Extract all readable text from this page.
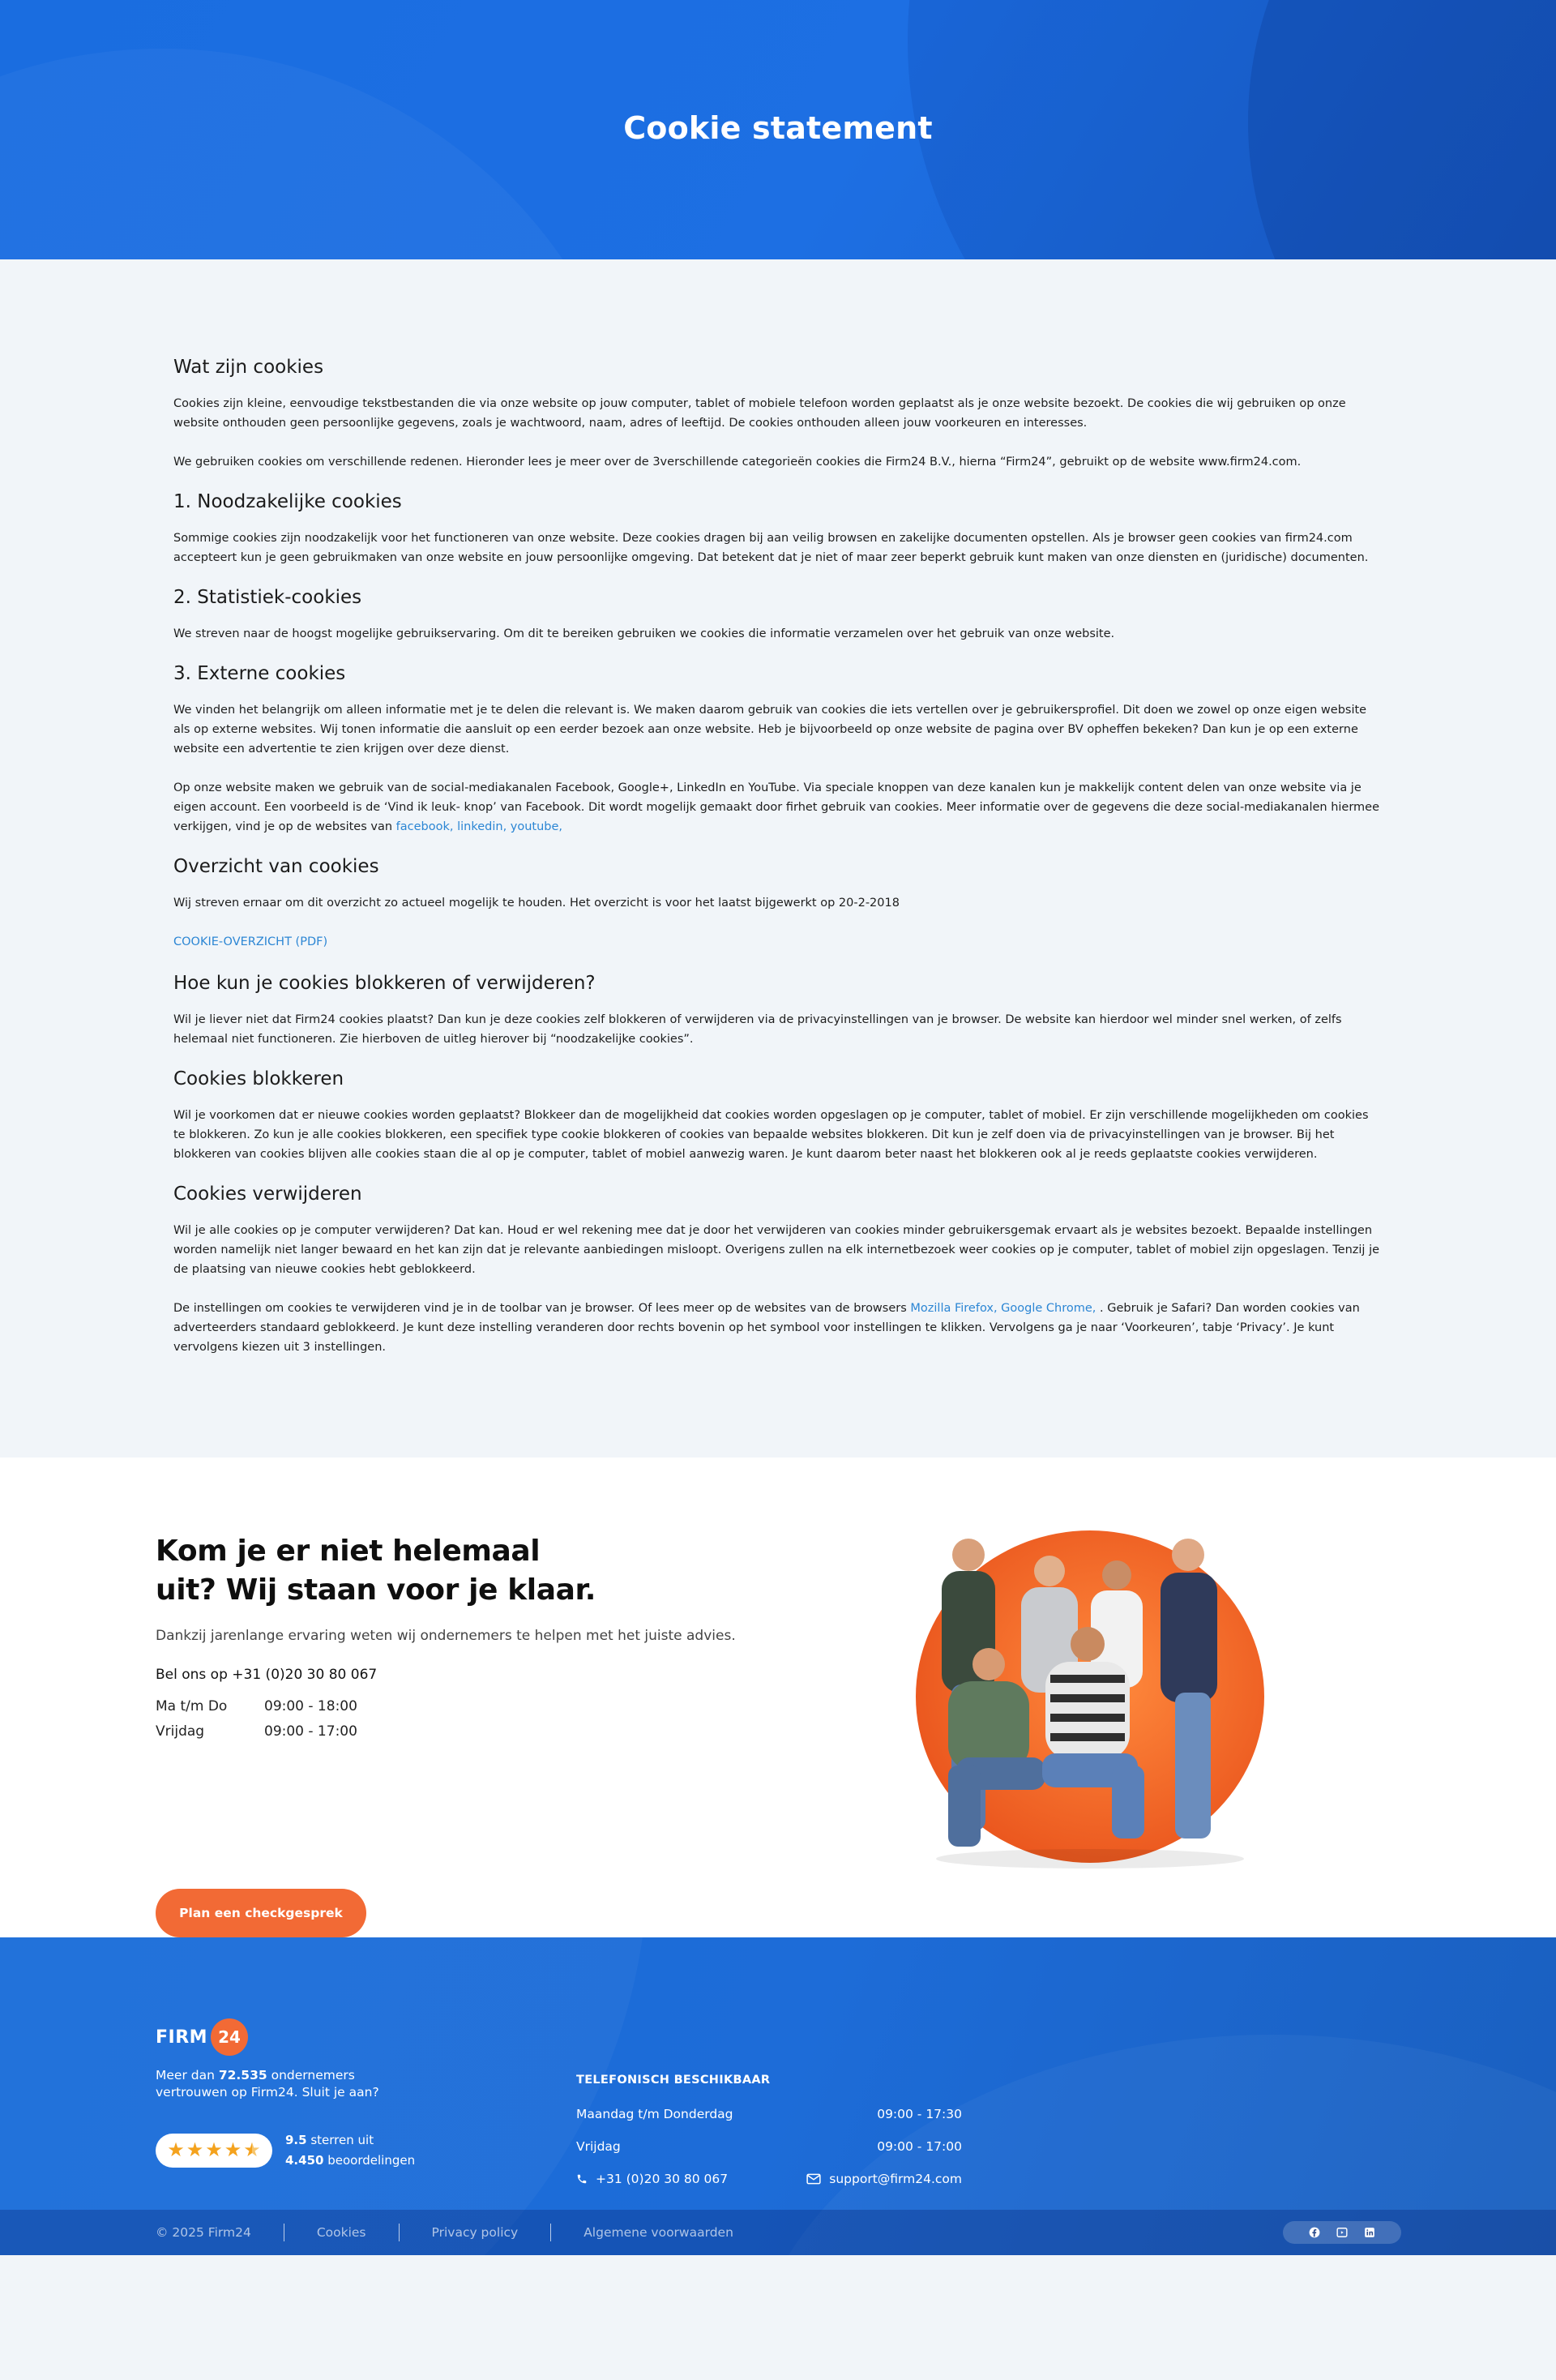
Cookie statement
Wat zijn cookies

Cookies zijn kleine, eenvoudige tekstbestanden die via onze website op jouw computer, tablet of mobiele telefoon worden geplaatst als je onze website bezoekt. De cookies die wij gebruiken op onze website onthouden geen persoonlijke gegevens, zoals je wachtwoord, naam, adres of leeftijd. De cookies onthouden alleen jouw voorkeuren en interesses.

We gebruiken cookies om verschillende redenen. Hieronder lees je meer over de 3verschillende categorieën cookies die Firm24 B.V., hierna “Firm24”, gebruikt op de website www.firm24.com.

1. Noodzakelijke cookies

Sommige cookies zijn noodzakelijk voor het functioneren van onze website. Deze cookies dragen bij aan veilig browsen en zakelijke documenten opstellen. Als je browser geen cookies van firm24.com accepteert kun je geen gebruikmaken van onze website en jouw persoonlijke omgeving. Dat betekent dat je niet of maar zeer beperkt gebruik kunt maken van onze diensten en (juridische) documenten.

2. Statistiek-cookies

We streven naar de hoogst mogelijke gebruikservaring. Om dit te bereiken gebruiken we cookies die informatie verzamelen over het gebruik van onze website.

3. Externe cookies

We vinden het belangrijk om alleen informatie met je te delen die relevant is. We maken daarom gebruik van cookies die iets vertellen over je gebruikersprofiel. Dit doen we zowel op onze eigen website als op externe websites. Wij tonen informatie die aansluit op een eerder bezoek aan onze website. Heb je bijvoorbeeld op onze website de pagina over BV opheffen bekeken? Dan kun je op een externe website een advertentie te zien krijgen over deze dienst.

Op onze website maken we gebruik van de social-mediakanalen Facebook, Google+, LinkedIn en YouTube. Via speciale knoppen van deze kanalen kun je makkelijk content delen van onze website via je eigen account. Een voorbeeld is de ‘Vind ik leuk- knop’ van Facebook. Dit wordt mogelijk gemaakt door firhet gebruik van cookies. Meer informatie over de gegevens die deze social-mediakanalen hiermee verkijgen, vind je op de websites van facebook, linkedin, youtube,

Overzicht van cookies

Wij streven ernaar om dit overzicht zo actueel mogelijk te houden. Het overzicht is voor het laatst bijgewerkt op 20-2-2018

COOKIE-OVERZICHT (PDF)

Hoe kun je cookies blokkeren of verwijderen?

Wil je liever niet dat Firm24 cookies plaatst? Dan kun je deze cookies zelf blokkeren of verwijderen via de privacyinstellingen van je browser. De website kan hierdoor wel minder snel werken, of zelfs helemaal niet functioneren. Zie hierboven de uitleg hierover bij “noodzakelijke cookies”.

Cookies blokkeren

Wil je voorkomen dat er nieuwe cookies worden geplaatst? Blokkeer dan de mogelijkheid dat cookies worden opgeslagen op je computer, tablet of mobiel. Er zijn verschillende mogelijkheden om cookies te blokkeren. Zo kun je alle cookies blokkeren, een specifiek type cookie blokkeren of cookies van bepaalde websites blokkeren. Dit kun je zelf doen via de privacyinstellingen van je browser. Bij het blokkeren van cookies blijven alle cookies staan die al op je computer, tablet of mobiel aanwezig waren. Je kunt daarom beter naast het blokkeren ook al je reeds geplaatste cookies verwijderen.

Cookies verwijderen

Wil je alle cookies op je computer verwijderen? Dat kan. Houd er wel rekening mee dat je door het verwijderen van cookies minder gebruikersgemak ervaart als je websites bezoekt. Bepaalde instellingen worden namelijk niet langer bewaard en het kan zijn dat je relevante aanbiedingen misloopt. Overigens zullen na elk internetbezoek weer cookies op je computer, tablet of mobiel zijn opgeslagen. Tenzij je de plaatsing van nieuwe cookies hebt geblokkeerd.

De instellingen om cookies te verwijderen vind je in de toolbar van je browser. Of lees meer op de websites van de browsers Mozilla Firefox, Google Chrome, . Gebruik je Safari? Dan worden cookies van adverteerders standaard geblokkeerd. Je kunt deze instelling veranderen door rechts bovenin op het symbool voor instellingen te klikken. Vervolgens ga je naar ‘Voorkeuren’, tabje ‘Privacy’. Je kunt vervolgens kiezen uit 3 instellingen.

Kom je er niet helemaal
uit? Wij staan voor je klaar.
Dankzij jarenlange ervaring weten wij ondernemers te helpen met het juiste advies.
Bel ons op +31 (0)20 30 80 067
Ma t/m Do	09:00 - 18:00
Vrijdag	09:00 - 17:00
Plan een checkgesprek
FIRM 24
Meer dan 72.535 ondernemers vertrouwen op Firm24. Sluit je aan?
★ ★ ★ ★ ★ 9.5 sterren uit
4.450 beoordelingen
TELEFONISCH BESCHIKBAAR
Maandag t/m Donderdag	09:00 - 17:30
Vrijdag	09:00 - 17:00
+31 (0)20 30 80 067	support@firm24.com
© 2025 Firm24	Cookies	Privacy policy	Algemene voorwaarden
